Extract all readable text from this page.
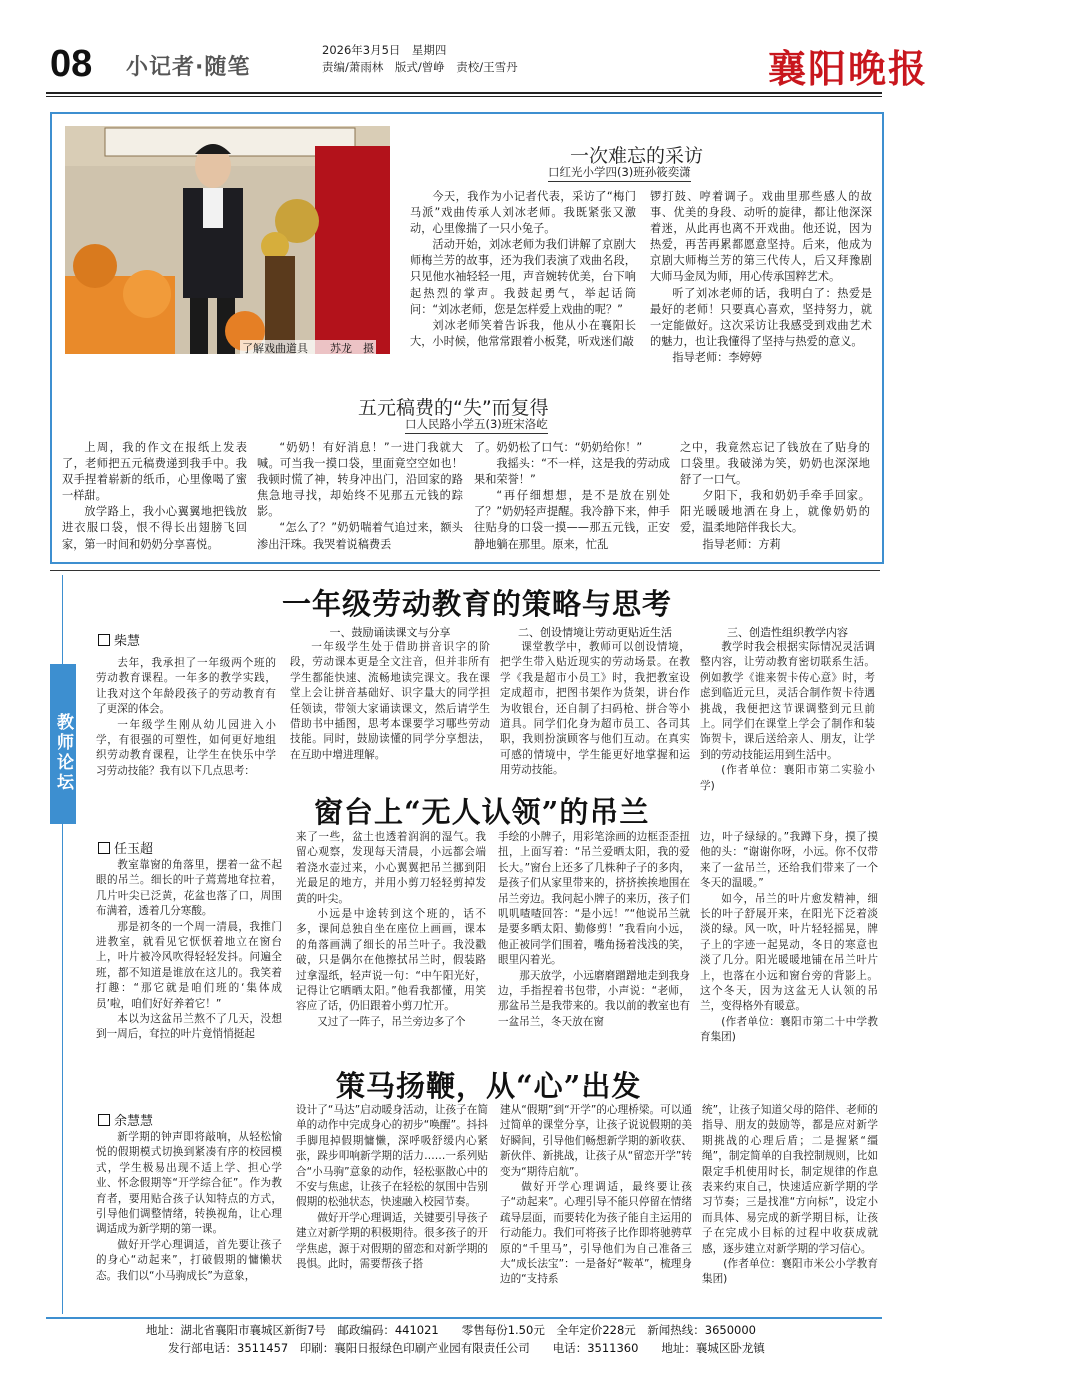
08 小记者·随笔
2026年3月5日　星期四
责编/萧雨林　版式/曾峥　责校/王雪丹	襄阳晚报
了解戏曲道具　　苏龙　摄
一次难忘的采访
口红光小学四(3)班孙筱奕潇

今天，我作为小记者代表，采访了“梅门马派”戏曲传承人刘冰老师。我既紧张又激动，心里像揣了一只小兔子。

活动开始，刘冰老师为我们讲解了京剧大师梅兰芳的故事，还为我们表演了戏曲名段，只见他水袖轻轻一甩，声音婉转优美，台下响起热烈的掌声。我鼓起勇气，举起话筒问：“刘冰老师，您是怎样爱上戏曲的呢？”

刘冰老师笑着告诉我，他从小在襄阳长大，小时候，他常常跟着小板凳，听戏迷们敲

锣打鼓、哼着调子。戏曲里那些感人的故事、优美的身段、动听的旋律，都让他深深着迷，从此再也离不开戏曲。他还说，因为热爱，再苦再累都愿意坚持。后来，他成为京剧大师梅兰芳的第三代传人，后又拜豫剧大师马金凤为师，用心传承国粹艺术。

听了刘冰老师的话，我明白了：热爱是最好的老师！只要真心喜欢，坚持努力，就一定能做好。这次采访让我感受到戏曲艺术的魅力，也让我懂得了坚持与热爱的意义。

指导老师：李婷婷

五元稿费的“失”而复得
口人民路小学五(3)班宋洛屹

上周，我的作文在报纸上发表了，老师把五元稿费递到我手中。我双手捏着崭新的纸币，心里像喝了蜜一样甜。

放学路上，我小心翼翼地把钱放进衣服口袋，恨不得长出翅膀飞回家，第一时间和奶奶分享喜悦。

“奶奶！有好消息！”一进门我就大喊。可当我一摸口袋，里面竟空空如也！我顿时慌了神，转身冲出门，沿回家的路焦急地寻找，却始终不见那五元钱的踪影。

“怎么了？”奶奶喘着气追过来，额头渗出汗珠。我哭着说稿费丢

了。奶奶松了口气：“奶奶给你！”

我摇头：“不一样，这是我的劳动成果和荣誉！”

“再仔细想想，是不是放在别处了？”奶奶轻声提醒。我冷静下来，伸手往贴身的口袋一摸——那五元钱，正安静地躺在那里。原来，忙乱

之中，我竟然忘记了钱放在了贴身的口袋里。我破涕为笑，奶奶也深深地舒了一口气。

夕阳下，我和奶奶手牵手回家。阳光暖暖地洒在身上，就像奶奶的爱，温柔地陪伴我长大。

指导老师：方莉

教师论坛
一年级劳动教育的策略与思考
柴慧

去年，我承担了一年级两个班的劳动教育课程。一年多的教学实践，让我对这个年龄段孩子的劳动教育有了更深的体会。

一年级学生刚从幼儿园进入小学，有很强的可塑性，如何更好地组织劳动教育课程，让学生在快乐中学习劳动技能？我有以下几点思考：

一、鼓励诵读课文与分享

一年级学生处于借助拼音识字的阶段，劳动课本更是全文注音，但并非所有学生都能快速、流畅地读完课文。我在课堂上会让拼音基础好、识字量大的同学担任领读，带领大家诵读课文，然后请学生借助书中插图，思考本课要学习哪些劳动技能。同时，鼓励读懂的同学分享想法，在互助中增进理解。

二、创设情境让劳动更贴近生活

课堂教学中，教师可以创设情境，把学生带入贴近现实的劳动场景。在教学《我是超市小员工》时，我把教室设定成超市，把图书架作为货架，讲台作为收银台，还自制了扫码枪、拼合等小道具。同学们化身为超市员工、各司其职，我则扮演顾客与他们互动。在真实可感的情境中，学生能更好地掌握和运用劳动技能。

三、创造性组织教学内容

教学时我会根据实际情况灵活调整内容，让劳动教育密切联系生活。例如教学《谁来贺卡传心意》时，考虑到临近元旦，灵活合制作贺卡待遇挑战，我便把这节课调整到元旦前上。同学们在课堂上学会了制作和装饰贺卡，课后送给亲人、朋友，让学到的劳动技能运用到生活中。

(作者单位：襄阳市第二实验小学)

窗台上“无人认领”的吊兰
任玉超

教室靠窗的角落里，摆着一盆不起眼的吊兰。细长的叶子蔫蔫地耷拉着，几片叶尖已泛黄，花盆也落了口，周围布满着，透着几分寒酸。

那是初冬的一个周一清晨，我推门进教室，就看见它恹恹着地立在窗台上，叶片被冷风吹得轻轻发抖。问遍全班，都不知道是谁放在这儿的。我笑着打趣：“那它就是咱们班的‘集体成员’啦，咱们好好养着它！”

本以为这盆吊兰熬不了几天，没想到一周后，耷拉的叶片竟悄悄挺起

来了一些，盆土也透着润润的湿气。我留心观察，发现每天清晨，小远都会端着浇水壶过来，小心翼翼把吊兰挪到阳光最足的地方，并用小剪刀轻轻剪掉发黄的叶尖。

小远是中途转到这个班的，话不多，课间总独自坐在座位上画画，课本的角落画满了细长的吊兰叶子。我没戳破，只是偶尔在他擦拭吊兰时，假装路过拿湿纸，轻声说一句：“中午阳光好，记得让它晒晒太阳。”他看我都懂，用笑容应了话，仍旧跟着小剪刀忙开。

又过了一阵子，吊兰旁边多了个

手绘的小牌子，用彩笔涂画的边框歪歪扭扭，上面写着：“吊兰爱晒太阳，我的爱长大。”窗台上还多了几株种子子的多肉，是孩子们从家里带来的，挤挤挨挨地围在吊兰旁边。我问起小牌子的来历，孩子们叽叽喳喳回答：“是小远！”“他说吊兰就是要多晒太阳、勤修剪！”我看向小远，他正被同学们围着，嘴角扬着浅浅的笑，眼里闪着光。

那天放学，小远磨磨蹭蹭地走到我身边，手指捏着书包带，小声说：“老师，那盆吊兰是我带来的。我以前的教室也有一盆吊兰，冬天放在窗

边，叶子绿绿的。”我蹲下身，摸了摸他的头：“谢谢你呀，小远。你不仅带来了一盆吊兰，还给我们带来了一个冬天的温暖。”

如今，吊兰的叶片愈发精神，细长的叶子舒展开来，在阳光下泛着淡淡的绿。风一吹，叶片轻轻摇晃，牌子上的字迹一起晃动，冬日的寒意也淡了几分。阳光暖暖地铺在吊兰叶片上，也落在小远和窗台旁的背影上。这个冬天，因为这盆无人认领的吊兰，变得格外有暖意。

(作者单位：襄阳市第二十中学教育集团)

策马扬鞭，从“心”出发
余慧慧

新学期的钟声即将敲响，从轻松愉悦的假期模式切换到紧凑有序的校园模式，学生极易出现不适上学、担心学业、怀念假期等“开学综合征”。作为教育者，要用贴合孩子认知特点的方式，引导他们调整情绪，转换视角，让心理调适成为新学期的第一课。

做好开学心理调适，首先要让孩子的身心“动起来”，打破假期的慵懒状态。我们以“小马驹成长”为意象，

设计了“马达”启动暖身活动，让孩子在简单的动作中完成身心的初步“唤醒”。抖抖手脚甩掉假期慵懒，深呼吸舒缓内心紧张，跺步叩响新学期的活力……一系列贴合“小马驹”意象的动作，轻松驱散心中的不安与焦虑，让孩子在轻松的氛围中告别假期的松弛状态，快速融入校园节奏。

做好开学心理调适，关键要引导孩子建立对新学期的积极期待。很多孩子的开学焦虑，源于对假期的留恋和对新学期的畏惧。此时，需要帮孩子搭

建从“假期”到“开学”的心理桥梁。可以通过简单的课堂分享，让孩子说说假期的美好瞬间，引导他们畅想新学期的新收获、新伙伴、新挑战，让孩子从“留恋开学”转变为“期待启航”。

做好开学心理调适，最终要让孩子“动起来”。心理引导不能只停留在情绪疏导层面，而要转化为孩子能自主运用的行动能力。我们可将孩子比作即将驰骋草原的“千里马”，引导他们为自己准备三大“成长法宝”：一是备好“鞍革”，梳理身边的“支持系

统”，让孩子知道父母的陪伴、老师的指导、朋友的鼓励等，都是应对新学期挑战的心理后盾；二是握紧“缰绳”，制定简单的自我控制规则，比如限定手机使用时长，制定规律的作息表来约束自己，快速适应新学期的学习节奏；三是找准“方向标”，设定小而具体、易完成的新学期目标，让孩子在完成小目标的过程中收获成就感，逐步建立对新学期的学习信心。

(作者单位：襄阳市米公小学教育集团)

地址：湖北省襄阳市襄城区新街7号　邮政编码：441021　　零售每份1.50元　全年定价228元　新闻热线：3650000
发行部电话：3511457　印刷：襄阳日报绿色印刷产业园有限责任公司　　电话：3511360　　地址：襄城区卧龙镇
